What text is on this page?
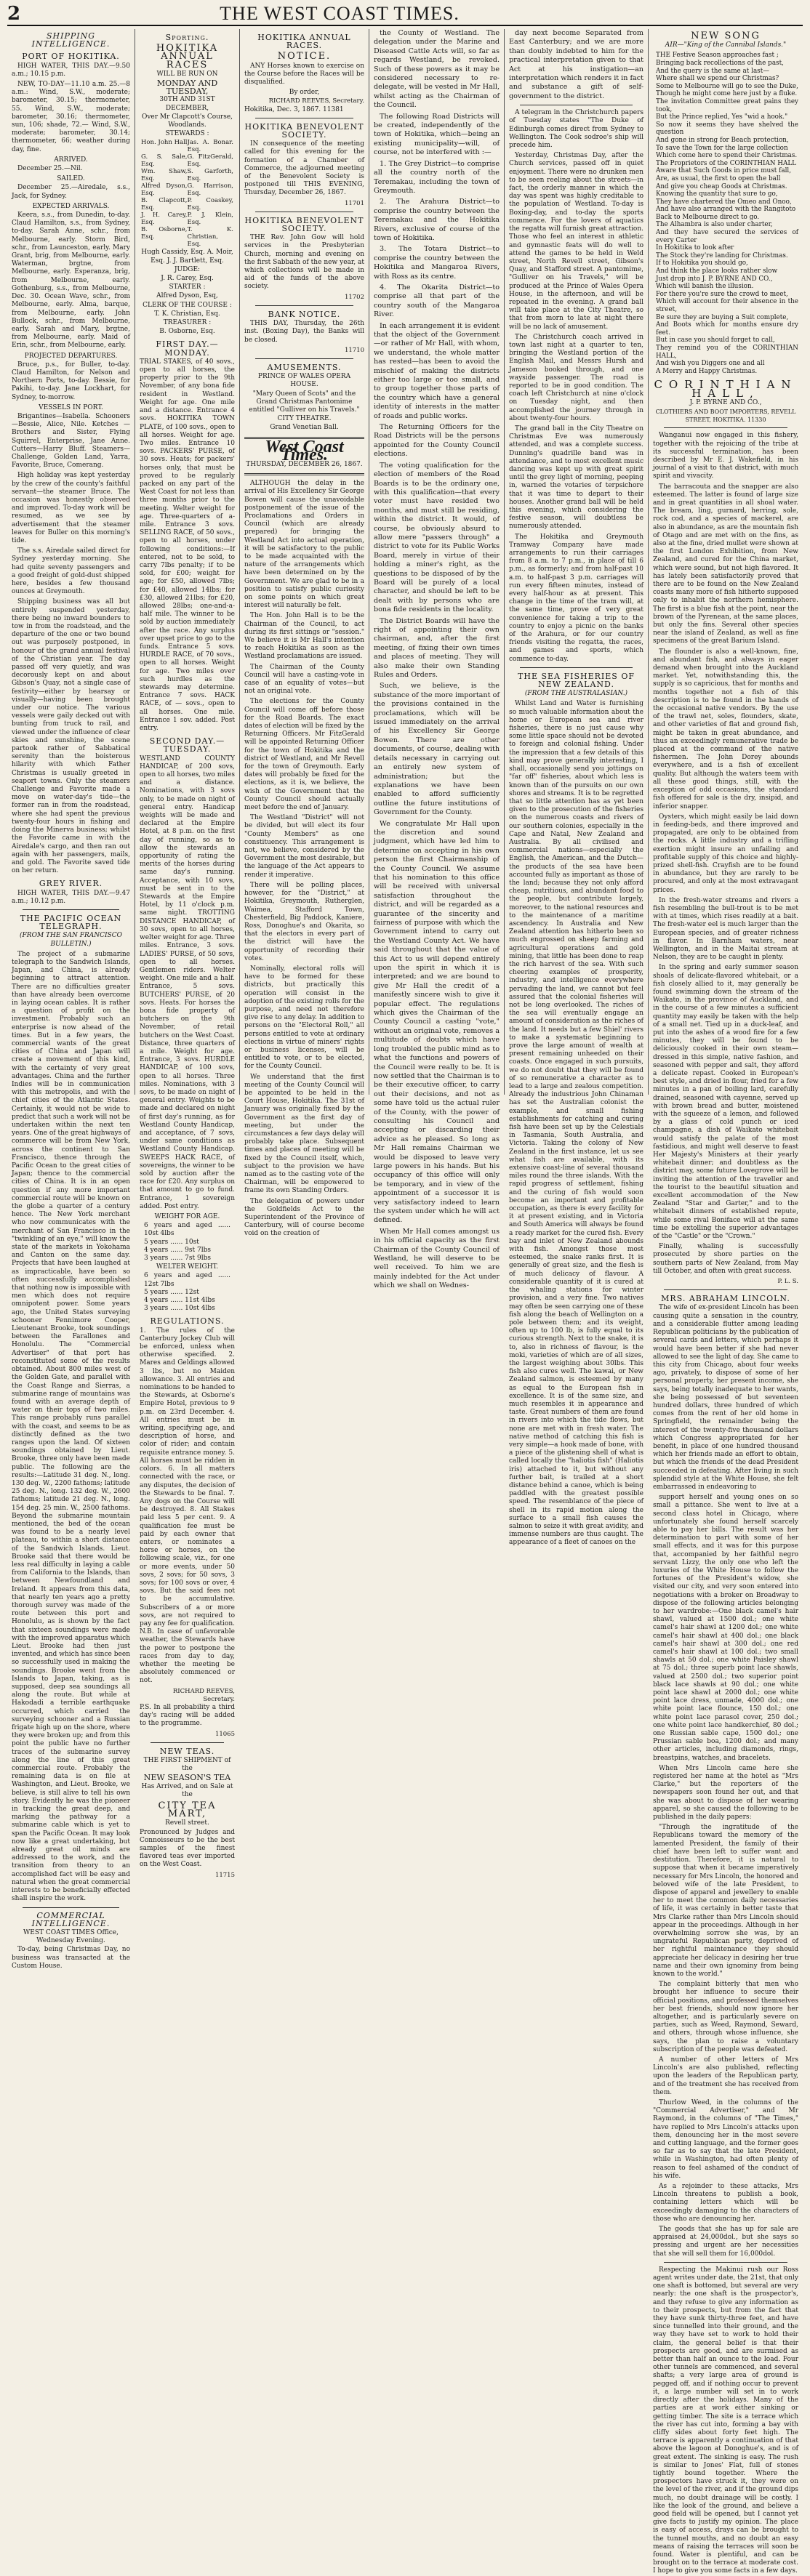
2	THE WEST COAST TIMES.
SHIPPING INTELLIGENCE.
PORT OF HOKITIKA.

HIGH WATER, THIS DAY.—9.50 a.m.; 10.15 p.m.

NEW, TO-DAY—11.10 a.m. 25.—8 a.m.: Wind, S.W., moderate; barometer, 30.15; thermometer, 55. Wind, S.W., moderate; barometer, 30.16; thermometer, sun, 106; shade, 72.— Wind, S.W., moderate; barometer, 30.14; thermometer, 66; weather during day, fine.

ARRIVED.

December 25.—Nil.

SAILED.

December 25.—Airedale, s.s., Jack, for Sydney.

EXPECTED ARRIVALS.

Keera, s.s., from Dunedin, to-day. Claud Hamilton, s.s., from Sydney, to-day. Sarah Anne, schr., from Melbourne, early. Storm Bird, schr., from Launceston, early. Mary Grant, brig, from Melbourne, early. Waterman, brgtne, from Melbourne, early. Esperanza, brig, from Melbourne, early. Gothenburg, s.s., from Melbourne, Dec. 30. Ocean Wave, schr., from Melbourne, early. Alma, barque, from Melbourne, early. John Bullock, schr., from Melbourne, early. Sarah and Mary, brgtne, from Melbourne, early. Maid of Erin, schr., from Melbourne, early.

PROJECTED DEPARTURES.

Bruce, p.s., for Buller, to-day. Claud Hamilton, for Nelson and Northern Ports, to-day. Bessie, for Pakihi, to-day. Jane Lockhart, for Sydney, to-morrow.

VESSELS IN PORT.

Brigantines—Isabella. Schooners—Bessie, Alice, Nile. Ketches — Brothers and Sister, Flying Squirrel, Enterprise, Jane Anne. Cutters—Harry Bluff. Steamers—Challenge, Golden Land, Yarra, Favorite, Bruce, Comerang.

High holiday was kept yesterday by the crew of the county's faithful servant—the steamer Bruce. The occasion was honestly observed and improved. To-day work will be resumed, as we see by advertisement that the steamer leaves for Buller on this morning's tide.

The s.s. Airedale sailed direct for Sydney yesterday morning. She had quite seventy passengers and a good freight of gold-dust shipped here, besides a few thousand ounces at Greymouth.

Shipping business was all but entirely suspended yesterday, there being no inward bounders to tow in from the roadstead, and the departure of the one or two bound out was purposely postponed, in honour of the grand annual festival of the Christian year. The day passed off very quietly, and was decorously kept on and about Gibson's Quay, not a single case of festivity—either by hearsay or visually—having been brought under our notice. The various vessels were gaily decked out with bunting from truck to rail, and viewed under the influence of clear skies and sunshine, the scene partook rather of Sabbatical serenity than the boisterous hilarity with which Father Christmas is usually greeted in seaport towns. Only the steamers Challenge and Favorite made a move on water-day's tide—the former ran in from the roadstead, where she had spent the previous twenty-four hours in fishing and doing the Minerva business; whilst the Favorite came in with the Airedale's cargo, and then ran out again with her passengers, mails, and gold. The Favorite saved tide on her return.

GREY RIVER.

HIGH WATER, THIS DAY.—9.47 a.m.; 10.12 p.m.

THE PACIFIC OCEAN TELEGRAPH.
(FROM THE SAN FRANCISCO BULLETIN.)

The project of a submarine telegraph to the Sandwich Islands, Japan, and China, is already beginning to attract attention. There are no difficulties greater than have already been overcome in laying ocean cables. It is rather a question of profit on the investment. Probably such an enterprise is now ahead of the times. But in a few years, the commercial wants of the great cities of China and Japan will create a movement of this kind, with the certainty of very great advantages. China and the further Indies will be in communication with this metropolis, and with the chief cities of the Atlantic States. Certainly, it would not be wide to predict that such a work will not be undertaken within the next ten years. One of the great highways of commerce will be from New York, across the continent to San Francisco, thence through the Pacific Ocean to the great cities of Japan; thence to the commercial cities of China. It is in an open question if any more important commercial route will be known on the globe a quarter of a century hence. The New York merchant who now communicates with the merchant of San Francisco in the "twinkling of an eye," will know the state of the markets in Yokohama and Canton on the same day. Projects that have been laughed at as impracticable, have been so often successfully accomplished that nothing now is impossible with men which does not require omnipotent power. Some years ago, the United States surveying schooner Fennimore Cooper, Lieutenant Brooke, took soundings between the Farallones and Honolulu. The "Commercial Advertiser" of that port has reconstituted some of the results obtained. About 800 miles west of the Golden Gate, and parallel with the Coast Range and Sierras, a submarine range of mountains was found with an average depth of water on their tops of two miles. This range probably runs parallel with the coast, and seems to be as distinctly defined as the two ranges upon the land. Of sixteen soundings obtained by Lieut. Brooke, three only have been made public. The following are the results:—Latitude 31 deg. N., long. 130 deg. W., 2200 fathoms; latitude 25 deg. N., long. 132 deg. W., 2600 fathoms; latitude 21 deg. N., long. 154 deg. 25 min. W., 2500 fathoms. Beyond the submarine mountain mentioned, the bed of the ocean was found to be a nearly level plateau, to within a short distance of the Sandwich Islands. Lieut. Brooke said that there would be less real difficulty in laying a cable from California to the Islands, than between Newfoundland and Ireland. It appears from this data, that nearly ten years ago a pretty thorough survey was made of the route between this port and Honolulu, as is shown by the fact that sixteen soundings were made with the improved apparatus which Lieut. Brooke had then just invented, and which has since been so successfully used in making the soundings. Brooke went from the Islands to Japan, taking, as is supposed, deep sea soundings all along the route. But while at Hakodadi a terrible earthquake occurred, which carried the surveying schooner and a Russian frigate high up on the shore, where they were broken up; and from this point the public have no further traces of the submarine survey along the line of this great commercial route. Probably the remaining data is on file at Washington, and Lieut. Brooke, we believe, is still alive to tell his own story. Evidently he was the pioneer in tracking the great deep, and marking the pathway for a submarine cable which is yet to span the Pacific Ocean. It may look now like a great undertaking, but already great oil minds are addressed to the work, and the transition from theory to an accomplished fact will be easy and natural when the great commercial interests to be beneficially effected shall inspire the work.

COMMERCIAL INTELLIGENCE.
WEST COAST TIMES Office, Wednesday Evening.

To-day, being Christmas Day, no business was transacted at the Custom House.

Sporting.
HOKITIKA ANNUAL RACES
WILL BE RUN ON
MONDAY AND TUESDAY,
30TH AND 31ST DECEMBER,
Over Mr Clapcott's Course, Woodlands.
STEWARDS :
Hon. John Hall Jas. A. Bonar. Esq.
G. S. Sale, Esq.
G. FitzGerald, Esq.
Wm. Shaw, Esq.
S. Garforth, Esq.
Alfred Dyson, Esq.
G. Harrison, Esq.
B. Clapcott, Esq.
P. Coaskey, Esq.
J. H. Carey, Esq.
P. J. Klein, Esq.
B. Osborne, Esq.
T. K. Christian, Esq.
Hugh Cassidy, Esq. A. Moir, Esq. J. J. Bartlett, Esq.
JUDGE:
J. R. Carey, Esq.
STARTER :
Alfred Dyson, Esq,
CLERK OF THE COURSE :
T. K. Christian, Esq.
TREASURER :
B. Osborne, Esq.
FIRST DAY.—MONDAY.

TRIAL STAKES, of 40 sovs., open to all horses, the property prior to the 9th November, of any bona fide resident in Westland. Weight for age. One mile and a distance. Entrance 4 sovs. HOKITIKA TOWN PLATE, of 100 sovs., open to all horses. Weight for age. Two miles. Entrance 10 sovs. PACKERS' PURSE, of 30 sovs. Heats; for packers' horses only, that must be proved to be regularly packed on any part of the West Coast for not less than three months prior to the meeting. Welter weight for age. Three-quarters of a-mile. Entrance 3 sovs. SELLING RACE, of 50 sovs., open to all horses, under following conditions:—If entered, not to be sold, to carry 7lbs penalty; if to be sold, for £00; weight for age; for £50, allowed 7lbs; for £40, allowed 14lbs; for £30, allowed 21lbs; for £20, allowed 28lbs; one-and-a-half mile. The winner to be sold by auction immediately after the race. Any surplus over upset price to go to the funds. Entrance 5 sovs. HURDLE RACE, of 70 sovs., open to all horses. Weight for age. Two miles over such hurdles as the stewards may determine. Entrance 7 sovs. HACK RACE, of — sovs., open to all horses. One mile. Entrance 1 sov. added. Post entry.

SECOND DAY.—TUESDAY.

WESTLAND COUNTY HANDICAP, of 200 sovs, open to all horses, two miles and a distance. Nominations, with 3 sovs only, to be made on night of general entry. Handicap weights will be made and declared at the Empire Hotel, at 8 p.m. on the first day of running, so as to allow the stewards an opportunity of rating the merits of the horses during same day's running. Acceptance, with 10 sovs, must be sent in to the Stewards at the Empire Hotel, by 11 o'clock p.m. same night. TROTTING DISTANCE HANDICAP, of 30 sovs, open to all horses, welter weight for age. Three miles. Entrance, 3 sovs. LADIES' PURSE, of 50 sovs, open to all horses. Gentlemen riders. Welter weight. One mile and a half. Entrance, 5 sovs. BUTCHERS' PURSE, of 20 sovs. Heats. For horses the bona fide property of butchers on the 9th November, of retail butchers on the West Coast. Distance, three quarters of a mile. Weight for age. Entrance, 3 sovs. HURDLE HANDICAP, of 100 sovs, open to all horses. Three miles. Nominations, with 3 sovs, to be made on night of general entry. Weights to be made and declared on night of first day's running, as for Westland County Handicap, and acceptance, of 7 sovs, under same conditions as Westland County Handicap. SWEEPS HACK RACE, of sovereigns, the winner to be sold by auction after the race for £20. Any surplus on that amount to go to fund. Entrance, 1 sovereign added. Post entry.

WEIGHT FOR AGE.
6 years and aged ...... 10st 4lbs
5 years ...... 10st
4 years ...... 9st 7lbs
3 years ...... 7st 9lbs
WELTER WEIGHT.
6 years and aged ...... 12st 7lbs
5 years ...... 12st
4 years ...... 11st 4lbs
3 years ...... 10st 4lbs
REGULATIONS.

1. The rules of the Canterbury Jockey Club will be enforced, unless when otherwise specified. 2. Mares and Geldings allowed 3 lbs, but no Maiden allowance. 3. All entries and nominations to be handed to the Stewards, at Osborne's Empire Hotel, previous to 9 p.m. on 23rd December. 4. All entries must be in writing, specifying age, and description of horse, and color of rider; and contain requisite entrance money. 5. All horses must be ridden in colors. 6. In all matters connected with the race, or any disputes, the decision of the Stewards to be final. 7. Any dogs on the Course will be destroyed. 8. All Stakes paid less 5 per cent. 9. A qualification fee must be paid by each owner that enters, or nominates a horse or horses, on the following scale, viz., for one or more events, under 50 sovs, 2 sovs; for 50 sovs, 3 sovs; for 100 sovs or over, 4 sovs. But the said fees not to be accumulative. Subscribers of a or more sovs, are not required to pay any fee for qualification. N.B. In case of unfavorable weather, the Stewards have the power to postpone the races from day to day, whether the meeting be absolutely commenced or not.

RICHARD REEVES, Secretary.

P.S. In all probability a third day's racing will be added to the programme.

11065
NEW TEAS.
THE FIRST SHIPMENT of the
NEW SEASON'S TEA
Has Arrived, and on Sale at the
CITY TEA MART,
Revell street.

Pronounced by Judges and Connoisseurs to be the best samples of the finest flavored teas ever imported on the West Coast.

11715
HOKITIKA ANNUAL RACES.
NOTICE.

ANY Horses known to exercise on the Course before the Races will be disqualified.

By order,
RICHARD REEVES, Secretary.
Hokitika, Dec. 3, 1867. 11381
HOKITIKA BENEVOLENT SOCIETY.

IN consequence of the meeting called for this evening for the formation of a Chamber of Commerce, the adjourned meeting of the Benevolent Society is postponed till THIS EVENING, Thursday, December 26, 1867.

11701
HOKITIKA BENEVOLENT SOCIETY.

THE Rev. John Gow will hold services in the Presbyterian Church, morning and evening on the first Sabbath of the new year, at which collections will be made in aid of the funds of the above society.

11702
BANK NOTICE.

THIS DAY, Thursday, the 26th inst. (Boxing Day), the Banks will be closed.

11710
AMUSEMENTS.
PRINCE OF WALES OPERA HOUSE.
"Mary Queen of Scots" and the Grand Christmas Pantomime entitled "Gulliver on his Travels."
CITY THEATRE.
Grand Venetian Ball.
West Coast Times.
THURSDAY, DECEMBER 26, 1867.

ALTHOUGH the delay in the arrival of His Excellency Sir George Bowen will cause the unavoidable postponement of the issue of the Proclamations and Orders in Council (which are already prepared) for bringing the Westland Act into actual operation, it will be satisfactory to the public to be made acquainted with the nature of the arrangements which have been determined on by the Government. We are glad to be in a position to satisfy public curiosity on some points on which great interest will naturally be felt.

The Hon. John Hall is to be the Chairman of the Council, to act during its first sittings or "session." We believe it is Mr Hall's intention to reach Hokitika as soon as the Westland proclamations are issued.

The Chairman of the County Council will have a casting-vote in case of an equality of votes—but not an original vote.

The elections for the County Council will come off before those for the Road Boards. The exact dates of election will be fixed by the Returning Officers. Mr FitzGerald will be appointed Returning Officer for the town of Hokitika and the district of Westland, and Mr Revell for the town of Greymouth. Early dates will probably be fixed for the elections, as it is, we believe, the wish of the Government that the County Council should actually meet before the end of January.

The Westland "District" will not be divided, but will elect its four "County Members" as one constituency. This arrangement is not, we believe, considered by the Government the most desirable, but the language of the Act appears to render it imperative.

There will be polling places, however, for the "District," at Hokitika, Greymouth, Rutherglen, Waimea, Stafford Town, Chesterfield, Big Paddock, Kaniere, Ross, Donoghue's and Okarita, so that the electors in every part of the district will have the opportunity of recording their votes.

Nominally, electoral rolls will have to be formed for these districts, but practically this operation will consist in the adoption of the existing rolls for the purpose, and need not therefore give rise to any delay. In addition to persons on the "Electoral Roll," all persons entitled to vote at ordinary elections in virtue of miners' rights or business licenses, will be entitled to vote, or to be elected, for the County Council.

We understand that the first meeting of the County Council will be appointed to be held in the Court House, Hokitika. The 31st of January was originally fixed by the Government as the first day of meeting, but under the circumstances a few days delay will probably take place. Subsequent times and places of meeting will be fixed by the Council itself, which, subject to the provision we have named as to the casting vote of the Chairman, will be empowered to frame its own Standing Orders.

The delegation of powers under the Goldfields Act to the Superintendent of the Province of Canterbury, will of course become void on the creation of

the County of Westland. The delegation under the Marine and Diseased Cattle Acts will, so far as regards Westland, be revoked. Such of these powers as it may be considered necessary to re-delegate, will be vested in Mr Hall, whilst acting as the Chairman of the Council.

The following Road Districts will be created, independently of the town of Hokitika, which—being an existing municipality—will, of course, not be interfered with :—

1. The Grey District—to comprise all the country north of the Teremakau, including the town of Greymouth.

2. The Arahura District—to comprise the country between the Teremakau and the Hokitika Rivers, exclusive of course of the town of Hokitika.

3. The Totara District—to comprise the country between the Hokitika and Mangaroa Rivers, with Ross as its centre.

4. The Okarita District—to comprise all that part of the country south of the Mangaroa River.

In each arrangement it is evident that the object of the Government—or rather of Mr Hall, with whom, we understand, the whole matter has rested—has been to avoid the mischief of making the districts either too large or too small, and to group together those parts of the country which have a general identity of interests in the matter of roads and public works.

The Returning Officers for the Road Districts will be the persons appointed for the County Council elections.

The voting qualification for the election of members of the Road Boards is to be the ordinary one, with this qualification—that every voter must have resided two months, and must still be residing, within the district. It would, of course, be obviously absurd to allow mere "passers through" a district to vote for its Public Works Board, merely in virtue of their holding a miner's right, as the questions to be disposed of by the Board will be purely of a local character, and should be left to be dealt with by persons who are bona fide residents in the locality.

The District Boards will have the right of appointing their own chairman, and, after the first meeting, of fixing their own times and places of meeting. They will also make their own Standing Rules and Orders.

Such, we believe, is the substance of the more important of the provisions contained in the proclamations, which will be issued immediately on the arrival of his Excellency Sir George Bowen. There are other documents, of course, dealing with details necessary in carrying out an entirely new system of administration; but the explanations we have been enabled to afford sufficiently outline the future institutions of Government for the County.

We congratulate Mr Hall upon the discretion and sound judgment, which have led him to determine on accepting in his own person the first Chairmanship of the County Council. We assume that his nomination to this office will be received with universal satisfaction throughout the district, and will be regarded as a guarantee of the sincerity and fairness of purpose with which the Government intend to carry out the Westland County Act. We have said throughout that the value of this Act to us will depend entirely upon the spirit in which it is interpreted; and we are bound to give Mr Hall the credit of a manifestly sincere wish to give it popular effect. The regulations which gives the Chairman of the County Council a casting "vote," without an original vote, removes a multitude of doubts which have long troubled the public mind as to what the functions and powers of the Council were really to be. It is now settled that the Chairman is to be their executive officer, to carry out their decisions, and not as some have told us the actual ruler of the County, with the power of consulting his Council and accepting or discarding their advice as he pleased. So long as Mr Hall remains Chairman we would be disposed to leave very large powers in his hands. But his occupancy of this office will only be temporary, and in view of the appointment of a successor it is very satisfactory indeed to learn the system under which he will act defined.

When Mr Hall comes amongst us in his official capacity as the first Chairman of the County Council of Westland, he will deserve to be well received. To him we are mainly indebted for the Act under which we shall on Wednes-

day next become Separated from East Canterbury; and we are more than doubly indebted to him for the practical interpretation given to that Act at his instigation—an interpretation which renders it in fact and substance a gift of self-government to the district.

A telegram in the Christchurch papers of Tuesday states "The Duke of Edinburgh comes direct from Sydney to Wellington. The Cook sodroe's ship will precede him.

Yesterday, Christmas Day, after the Church services, passed off in quiet enjoyment. There were no drunken men to be seen reeling about the streets—in fact, the orderly manner in which the day was spent was highly creditable to the population of Westland. To-day is Boxing-day, and to-day the sports commence. For the lovers of aquatics the regatta will furnish great attraction. Those who feel an interest in athletic and gymnastic feats will do well to attend the games to be held in Weld street, North Revell street, Gibson's Quay, and Stafford street. A pantomime, "Gulliver on his Travels," will be produced at the Prince of Wales Opera House, in the afternoon, and will be repeated in the evening. A grand ball will take place at the City Theatre, so that from morn to late at night there will be no lack of amusement.

The Christchurch coach arrived in town last night at a quarter to ten, bringing the Westland portion of the English Mail, and Messrs Hursh and Jameson booked through, and one wayside passenger. The road is reported to be in good condition. The coach left Christchurch at nine o'clock on Tuesday night, and then accomplished the journey through in about twenty-four hours.

The grand ball in the City Theatre on Christmas Eve was numerously attended, and was a complete success. Dunning's quadrille band was in attendance, and to most excellent music dancing was kept up with great spirit until the grey light of morning, peeping in, warned the votaries of terpsichore that it was time to depart to their houses. Another grand ball will be held this evening, which considering the festive season, will doubtless be numerously attended.

The Hokitika and Greymouth Tramway Company have made arrangements to run their carriages from 8 a.m. to 7 p.m., in place of till 6 p.m., as formerly; and from half-past 10 a.m. to half-past 3 p.m. carriages will run every fifteen minutes, instead of every half-hour as at present. This change in the time of the tram will, at the same time, prove of very great convenience for taking a trip to the country to enjoy a picnic on the banks of the Arahura, or for our country friends visiting the regatta, the races, and games and sports, which commence to-day.

THE SEA FISHERIES OF NEW ZEALAND.
(FROM THE AUSTRALASIAN.)

Whilst Land and Water is furnishing so much valuable information about the home or European sea and river fisheries, there is no just cause why some little space should not be devoted to foreign and colonial fishing. Under the impression that a few details of this kind may prove generally interesting, I shall, occasionally send you jottings on "far off" fisheries, about which less is known than of the pursuits on our own shores and streams. It is to be regretted that so little attention has as yet been given to the prosecution of the fisheries on the numerous coasts and rivers of our southern colonies, especially in the Cape and Natal, New Zealand and Australia. By all civilised and commercial nations—especially the English, the American, and the Dutch—the products of the sea have been accounted fully as important as those of the land; because they not only afford cheap, nutritious, and abundant food to the people, but contribute largely, moreover, to the national resources and to the maintenance of a maritime ascendency. In Australia and New Zealand attention has hitherto been so much engrossed on sheep farming and agricultural operations and gold mining, that little has been done to reap the rich harvest of the sea. With such cheering examples of prosperity, industry, and intelligence everywhere pervading the land, we cannot but feel assured that the colonial fisheries will not be long overlooked. The riches of the sea will eventually engage an amount of consideration as the riches of the land. It needs but a few Shiel' rivers to make a systematic beginning to prove the large amount of wealth at present remaining unheeded on their coasts. Once engaged in such pursuits, we do not doubt that they will be found of so remunerative a character as to lead to a large and zealous competition. Already the industrious John Chinaman has set the Australian colonist the example, and small fishing establishments for catching and curing fish have been set up by the Celestials in Tasmania, South Australia, and Victoria. Taking the colony of New Zealand in the first instance, let us see what fish are available, with its extensive coast-line of several thousand miles round the three islands. With the rapid progress of settlement, fishing and the curing of fish would soon become an important and profitable occupation, as there is every facility for it at present existing, and in Victoria and South America will always be found a ready market for the cured fish. Every bay and inlet of New Zealand abounds with fish. Amongst those most esteemed, the snake ranks first. It is generally of great size, and the flesh is of much delicacy of flavour. A considerable quantity of it is cured at the whaling stations for winter provision, and a very fine. Two natives may often be seen carrying one of these fish along the beach of Wellington on a pole between them; and its weight, often up to 100 lb, is fully equal to its curious strength. Next to the snake, it is to, also in richness of flavour, is the moki, varieties of which are of all sizes, the largest weighing about 30lbs. This fish also cures well. The kawai, or New Zealand salmon, is esteemed by many as equal to the European fish in excellence. It is of the same size, and much resembles it in appearance and taste. Great numbers of them are found in rivers into which the tide flows, but none are met with in fresh water. The native method of catching this fish is very simple—a hook made of bone, with a piece of the glistening shell of what is called locally the "haliotis fish" (Haliotis iris) attached to it, but without any further bait, is trailed at a short distance behind a canoe, which is being paddled with the greatest possible speed. The resemblance of the piece of shell in its rapid motion along the surface to a small fish causes the salmon to seize it with great avidity, and immense numbers are thus caught. The appearance of a fleet of canoes on the

NEW SONG
AIR—"King of the Cannibal Islands."
THE Festive Season approaches fast ;
Bringing back recollections of the past,
And the query is the same at last—
Where shall we spend our Christmas?
Some to Melbourne will go to see the Duke,
Though he might come here just by a fluke.
The invitation Committee great pains they took,
But the Prince replied, Yes "wid a hook."
So now it seems they have shelved the question
And gone in strong for Beach protection,
To save the Town for the large collection
Which come here to spend their Christmas.
The Proprietors of the CORINTHIAN HALL
Aware that Such Goods in price must fall,
Are, as usual, the first to open the ball
And give you cheap Goods at Christmas.
Knowing the quantity that sure to go,
They have chartered the Omeo and Onoo,
And have also arranged with the Rangitoto
Back to Melbourne direct to go.
The Alhambra is also under charter,
And they have secured the services of every Carter
In Hokitika to look after
The Stock they're landing for Christmas.
If to Hokitika you should go,
And think the place looks rather slow
Just drop into J. P. BYRNE AND CO.,
Which will banish the illusion.
For there you're sure the crowd to meet,
Which will account for their absence in the street,
Be sure they are buying a Suit complete,
And Boots which for months ensure dry feet.
But in case you should forget to call,
They remind you of the CORINTHIAN HALL,
And wish you Diggers one and all
A Merry and Happy Christmas.
CORINTHIAN HALL,
J. P. BYRNE AND CO.,
CLOTHIERS AND BOOT IMPORTERS, REVELL STREET, HOKITIKA. 11330

Wanganui now engaged in this fishery, together with the rejoicing of the tribe at its successful termination, has been described by Mr E. J. Wakefield, in his journal of a visit to that district, with much spirit and vivacity.

The barracouta and the snapper are also esteemed. The latter is found of large size and in great quantities in all shoal water. The bream, ling, gurnard, herring, sole, rock cod, and a species of mackerel, are also in abundance, as are the mountain fish of Otago and are met with on the fins, as also at the fine, dried mullet were shown at the first London Exhibition, from New Zealand, and cured for the China market, which were sound, but not high flavored. It has lately been satisfactorily proved that there are to be found on the New Zealand coasts many more of fish hitherto supposed only to inhabit the northern hemisphere. The first is a blue fish at the point, near the brown of the Pyrenean, at the same places, but only the fins. Several other species near the island of Zealand, as well as fine specimens of the great Barium Island.

The flounder is also a well-known, fine, and abundant fish, and always in eager demand when brought into the Auckland market. Yet, notwithstanding this, the supply is so capricious, that for months and months together not a fish of this description is to be found in the hands of the occasional native vendors. By the use of the trawl net, soles, flounders, skate, and other varieties of flat and ground fish, might be taken in great abundance, and thus an exceedingly remunerative trade be placed at the command of the native fishermen. The John Dorey abounds everywhere, and is a fish of excellent quality. But although the waters teem with all these good things, still, with the exception of odd occasions, the standard fish offered for sale is the dry, insipid, and inferior snapper.

Oysters, which might easily be laid down in feeding-beds, and there improved and propagated, are only to be obtained from the rocks. A little industry and a trifling exertion might insure an unfailing and profitable supply of this choice and highly-prized shell-fish. Crayfish are to be found in abundance, but they are rarely to be procured, and only at the most extravagant prices.

In the fresh-water streams and rivers a fish resembling the bull-trout is to be met with at times, which rises readily at a bait. The fresh-water eel is much larger than the European species, and of greater richness in flavor. In Barnham waters, near Wellington, and in the Maitai stream at Nelson, they are to be caught in plenty.

In the spring and early summer season shoals of delicate-flavored whitebait, or a fish closely allied to it, may generally be found swimming down the stream of the Waikato, in the province of Auckland, and in the course of a few minutes a sufficient quantity may easily be taken with the help of a small net. Tied up in a duck-leaf, and put into the ashes of a wood fire for a few minutes, they will be found to be deliciously cooked in their own steam—dressed in this simple, native fashion, and seasoned with pepper and salt, they afford a delicate repast. Cooked in European's best style, and dried in flour, fried for a few minutes in a pan of boiling lard, carefully drained, seasoned with cayenne, served up with brown bread and butter, moistened with the squeeze of a lemon, and followed by a glass of cold punch or iced champagne, a dish of Waikato whitebait would satisfy the palate of the most fastidious, and might well deserve to feast Her Majesty's Ministers at their yearly whitebait dinner; and doubtless as the district may, some future Lovegrove will be inviting the attention of the traveller and the tourist to the beautiful situation and excellent accommodation of the New Zealand "Star and Garter," and to the whitebait dinners of established repute, while some rival Boniface will at the same time be extolling the superior advantages of the "Castle" or the "Crown."

Finally, whaling is successfully prosecuted by shore parties on the southern parts of New Zealand, from May till October, and often with great success.

P. L. S.
MRS. ABRAHAM LINCOLN.

The wife of ex-president Lincoln has been causing quite a sensation in the country, and a considerable flutter among leading Republican politicians by the publication of several cards and letters, which perhaps it would have been better if she had never allowed to see the light of day. She came to this city from Chicago, about four weeks ago, privately, to dispose of some of her personal property, her present income, she says, being totally inadequate to her wants, she being possessed of but seventeen hundred dollars, three hundred of which comes from the rent of her old home in Springfield, the remainder being the interest of the twenty-five thousand dollars which Congress appropriated for her benefit, in place of one hundred thousand which her friends made an effort to obtain, but which the friends of the dead President succeeded in defeating. After living in such splendid style at the White House, she felt embarrassed in endeavoring to

support herself and young ones on so small a pittance. She went to live at a second class hotel in Chicago, where unfortunately she found herself scarcely able to pay her bills. The result was her determination to part with some of her small effects, and it was for this purpose that, accompanied by her faithful negro servant Lizzy, the only one who left the luxuries of the White House to follow the fortunes of the President's widow, she visited our city, and very soon entered into negotiations with a broker on Broadway to dispose of the following articles belonging to her wardrobe:—One black camel's hair shawl, valued at 1500 dol.; one white camel's hair shawl at 1200 dol.; one white camel's hair shawl at 400 dol.; one black camel's hair shawl at 300 dol.; one red camel's hair shawl at 100 dol.; two small shawls at 50 dol.; one white Paisley shawl at 75 dol.; three superb point lace shawls, valued at 2500 dol.; two superior point black lace shawls at 90 dol.; one white point lace shawl at 2000 dol.; one white point lace dress, unmade, 4000 dol.; one white point lace flounce, 150 dol.; one white point lace parasol cover, 250 dol.; one white point lace handkerchief, 80 dol.; one Russian sable cape, 1500 dol.; one Prussian sable boa, 1200 dol.; and many other articles, including diamonds, rings, breastpins, watches, and bracelets.

When Mrs Lincoln came here she registered her name at the hotel as "Mrs Clarke," but the reporters of the newspapers soon found her out, and that she was about to dispose of her wearing apparel, so she caused the following to be published in the daily papers:

"Through the ingratitude of the Republicans toward the memory of the lamented President, the family of their chief have been left to suffer want and destitution. Therefore, it is natural to suppose that when it became imperatively necessary for Mrs Lincoln, the honored and beloved wife of the late President, to dispose of apparel and jewellery to enable her to meet the common daily necessaries of life, it was certainly in better taste that Mrs Clarke rather than Mrs Lincoln should appear in the proceedings. Although in her overwhelming sorrow she was, by an ungrateful Republican party, deprived of her rightful maintenance they should appreciate her delicacy in desiring her true name and their own ignominy from being known to the world."

The complaint bitterly that men who brought her influence to secure their official positions, and professed themselves her best friends, should now ignore her altogether, and is particularly severe on parties, such as Weed, Raymond, Seward, and others, through whose influence, she says, the plan to raise a voluntary subscription of the people was defeated.

A number of other letters of Mrs Lincoln's are also published, reflecting upon the leaders of the Republican party, and of the treatment she has received from them.

Thurlow Weed, in the columns of the "Commercial Advertiser," and Mr Raymond, in the columns of "The Times," have replied to Mrs Lincoln's attacks upon them, denouncing her in the most severe and cutting language, and the former goes so far as to say that the late President, while in Washington, had often plenty of reason to feel ashamed of the conduct of his wife.

As a rejoinder to these attacks, Mrs Lincoln threatens to publish a book, containing letters which will be exceedingly damaging to the characters of those who are denouncing her.

The goods that she has up for sale are appraised at 24,000dol., but she says so pressing and urgent are her necessities that she will sell them for 16,000dol.

Respecting the Makinui rush our Ross agent writes under date, the 21st, that only one shaft is bottomed, but several are very nearly: the one shaft is the prospector's, and they refuse to give any information as to their prospects, but from the fact that they have sunk thirty-three feet, and have since tunnelled into their ground, and the way they have set to work to hold their claim, the general belief is that their prospects are good, and are surmised as better than half an ounce to the load. Four other tunnels are commenced, and several shafts; a very large area of ground is pegged off, and if nothing occur to prevent it, a large number will set in to work directly after the holidays. Many of the parties are at work either sinking or getting timber. The site is a terrace which the river has cut into, forming a bay with cliffy sides about forty feet high. The terrace is apparently a continuation of that above the lagoon at Donoghue's, and is of great extent. The sinking is easy. The rush is similar to Jones' Flat, full of stones tightly bound together. Where the prospectors have struck it, they were on the level of the river, and if the ground dips much, no doubt drainage will be costly. I like the look of the ground, and believe a good field will be opened, but I cannot yet give facts to justify my opinion. The place is easy of access, drays can be brought to the tunnel mouths, and no doubt an easy means of raising the terraces will soon be found. Water is plentiful, and can be brought on to the terrace at moderate cost. I hope to give you some facts in a few days.
